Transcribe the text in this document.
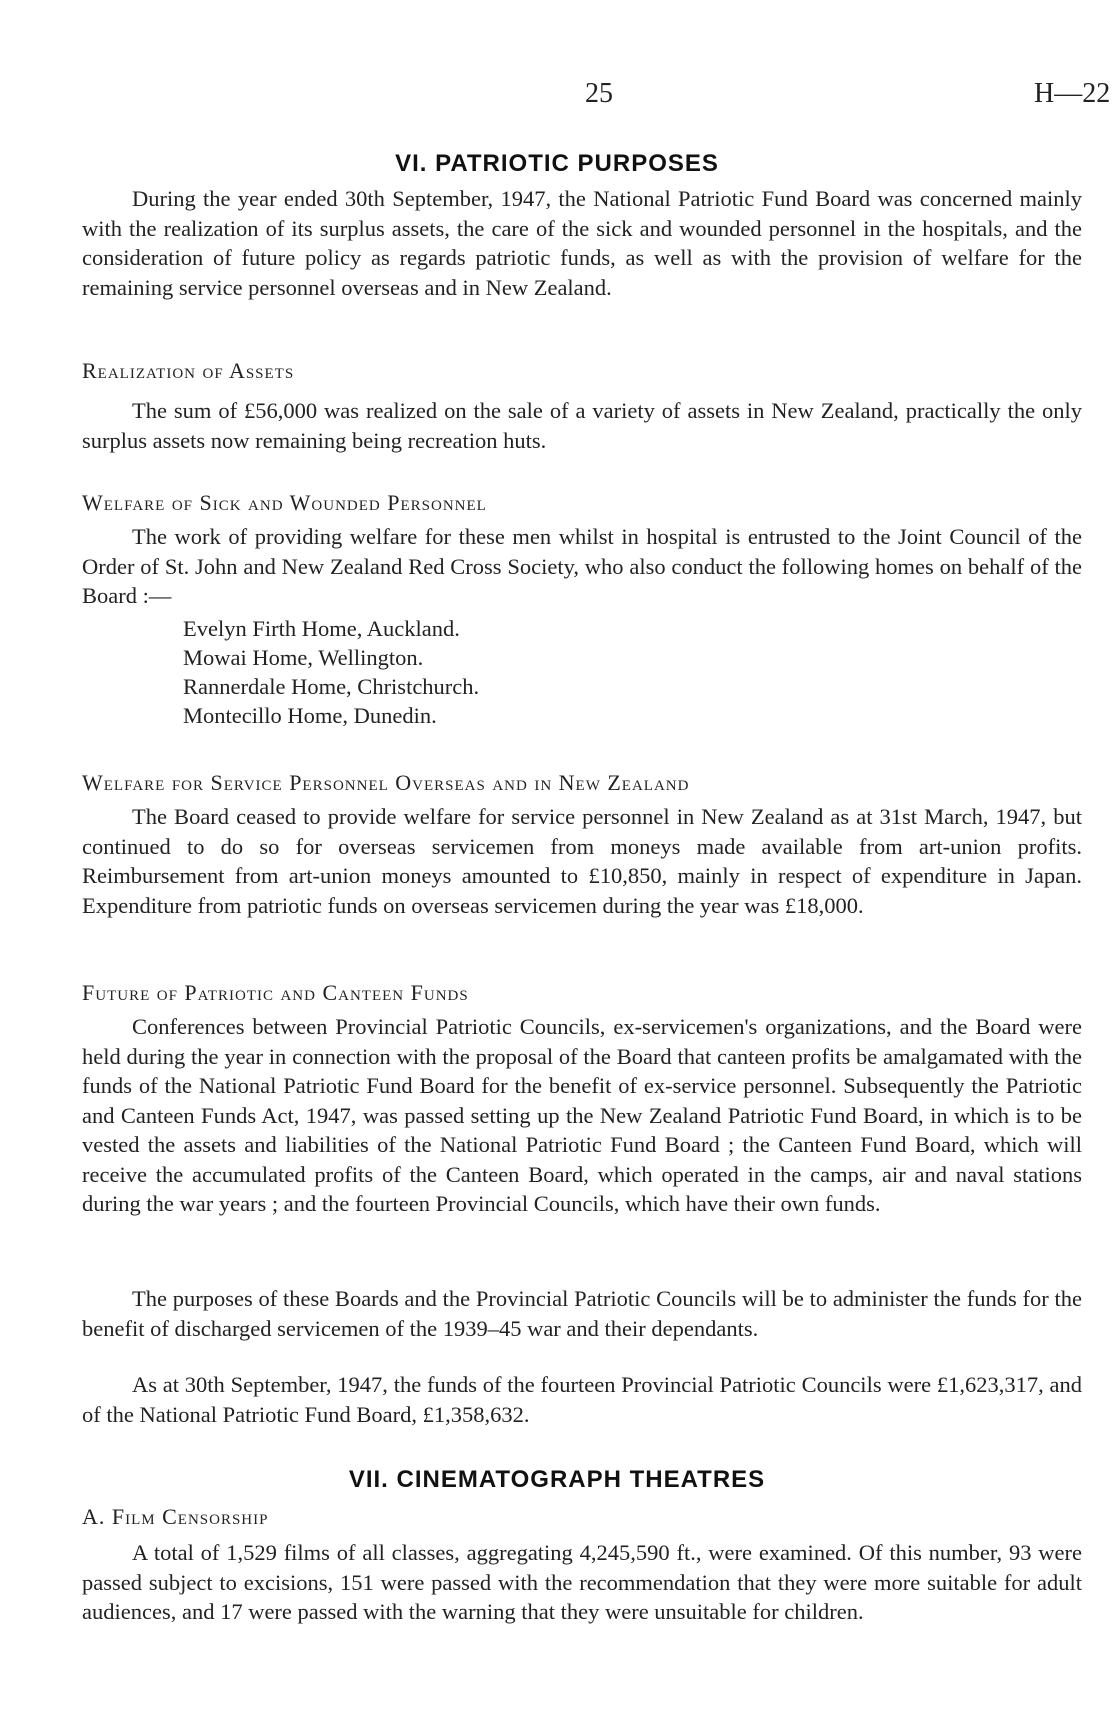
25	H—22
VI. PATRIOTIC PURPOSES
During the year ended 30th September, 1947, the National Patriotic Fund Board was concerned mainly with the realization of its surplus assets, the care of the sick and wounded personnel in the hospitals, and the consideration of future policy as regards patriotic funds, as well as with the provision of welfare for the remaining service personnel overseas and in New Zealand.
Realization of Assets
The sum of £56,000 was realized on the sale of a variety of assets in New Zealand, practically the only surplus assets now remaining being recreation huts.
Welfare of Sick and Wounded Personnel
The work of providing welfare for these men whilst in hospital is entrusted to the Joint Council of the Order of St. John and New Zealand Red Cross Society, who also conduct the following homes on behalf of the Board :—
Evelyn Firth Home, Auckland.
Mowai Home, Wellington.
Rannerdale Home, Christchurch.
Montecillo Home, Dunedin.
Welfare for Service Personnel Overseas and in New Zealand
The Board ceased to provide welfare for service personnel in New Zealand as at 31st March, 1947, but continued to do so for overseas servicemen from moneys made available from art-union profits. Reimbursement from art-union moneys amounted to £10,850, mainly in respect of expenditure in Japan. Expenditure from patriotic funds on overseas servicemen during the year was £18,000.
Future of Patriotic and Canteen Funds
Conferences between Provincial Patriotic Councils, ex-servicemen's organizations, and the Board were held during the year in connection with the proposal of the Board that canteen profits be amalgamated with the funds of the National Patriotic Fund Board for the benefit of ex-service personnel. Subsequently the Patriotic and Canteen Funds Act, 1947, was passed setting up the New Zealand Patriotic Fund Board, in which is to be vested the assets and liabilities of the National Patriotic Fund Board ; the Canteen Fund Board, which will receive the accumulated profits of the Canteen Board, which operated in the camps, air and naval stations during the war years ; and the fourteen Provincial Councils, which have their own funds.
The purposes of these Boards and the Provincial Patriotic Councils will be to administer the funds for the benefit of discharged servicemen of the 1939–45 war and their dependants.
As at 30th September, 1947, the funds of the fourteen Provincial Patriotic Councils were £1,623,317, and of the National Patriotic Fund Board, £1,358,632.
VII. CINEMATOGRAPH THEATRES
A. Film Censorship
A total of 1,529 films of all classes, aggregating 4,245,590 ft., were examined. Of this number, 93 were passed subject to excisions, 151 were passed with the recommendation that they were more suitable for adult audiences, and 17 were passed with the warning that they were unsuitable for children.
